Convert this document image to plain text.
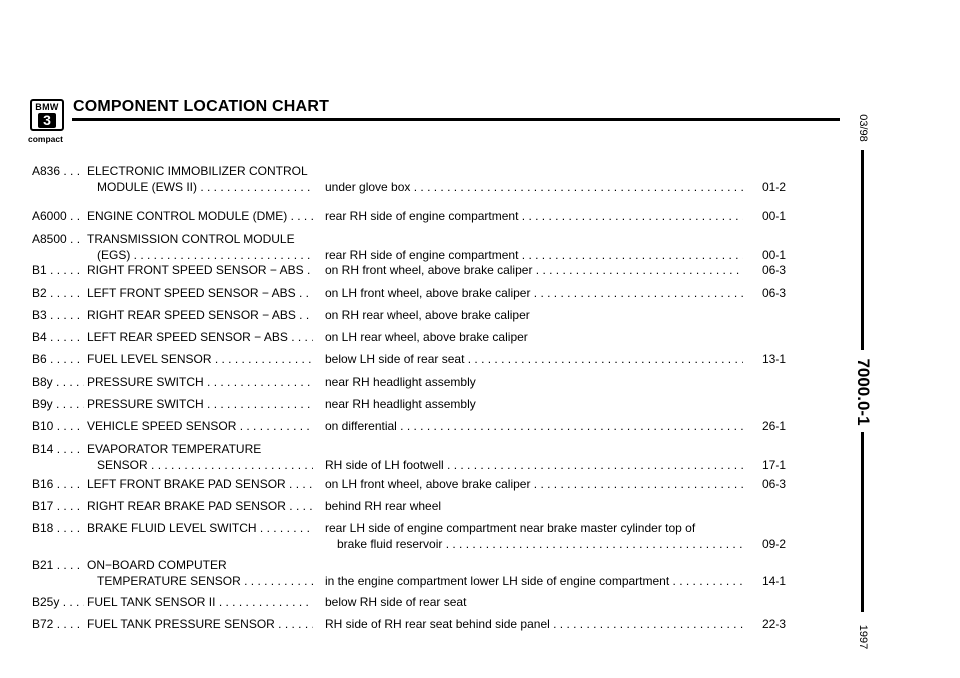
BMW
3
compact
COMPONENT LOCATION CHART
03/98
7000.0-1
1997
A836 . . .	ELECTRONIC IMMOBILIZER CONTROL
MODULE (EWS II) . . .	under glove box . . .	01-2
A6000 . . .	ENGINE CONTROL MODULE (DME) . . .	rear RH side of engine compartment . . .	00-1
A8500 . . .	TRANSMISSION CONTROL MODULE
(EGS) . . .	rear RH side of engine compartment . . .	00-1
B1 . . .	RIGHT FRONT SPEED SENSOR − ABS . . .	on RH front wheel, above brake caliper . . .	06-3
B2 . . .	LEFT FRONT SPEED SENSOR − ABS . . .	on LH front wheel, above brake caliper . . .	06-3
B3 . . .	RIGHT REAR SPEED SENSOR − ABS . . .	on RH rear wheel, above brake caliper
B4 . . .	LEFT REAR SPEED SENSOR − ABS . . .	on LH rear wheel, above brake caliper
B6 . . .	FUEL LEVEL SENSOR . . .	below LH side of rear seat . . .	13-1
B8y . . .	PRESSURE SWITCH . . .	near RH headlight assembly
B9y . . .	PRESSURE SWITCH . . .	near RH headlight assembly
B10 . . .	VEHICLE SPEED SENSOR . . .	on differential . . .	26-1
B14 . . .	EVAPORATOR TEMPERATURE
SENSOR . . .	RH side of LH footwell . . .	17-1
B16 . . .	LEFT FRONT BRAKE PAD SENSOR . . .	on LH front wheel, above brake caliper . . .	06-3
B17 . . .	RIGHT REAR BRAKE PAD SENSOR . . .	behind RH rear wheel
B18 . . .	BRAKE FLUID LEVEL SWITCH . . .	rear LH side of engine compartment near brake master cylinder top of
brake fluid reservoir . . .	09-2
B21 . . .	ON−BOARD COMPUTER
TEMPERATURE SENSOR . . .	in the engine compartment lower LH side of engine compartment . . .	14-1
B25y . . .	FUEL TANK SENSOR II . . .	below RH side of rear seat
B72 . . .	FUEL TANK PRESSURE SENSOR . . .	RH side of RH rear seat behind side panel . . .	22-3
